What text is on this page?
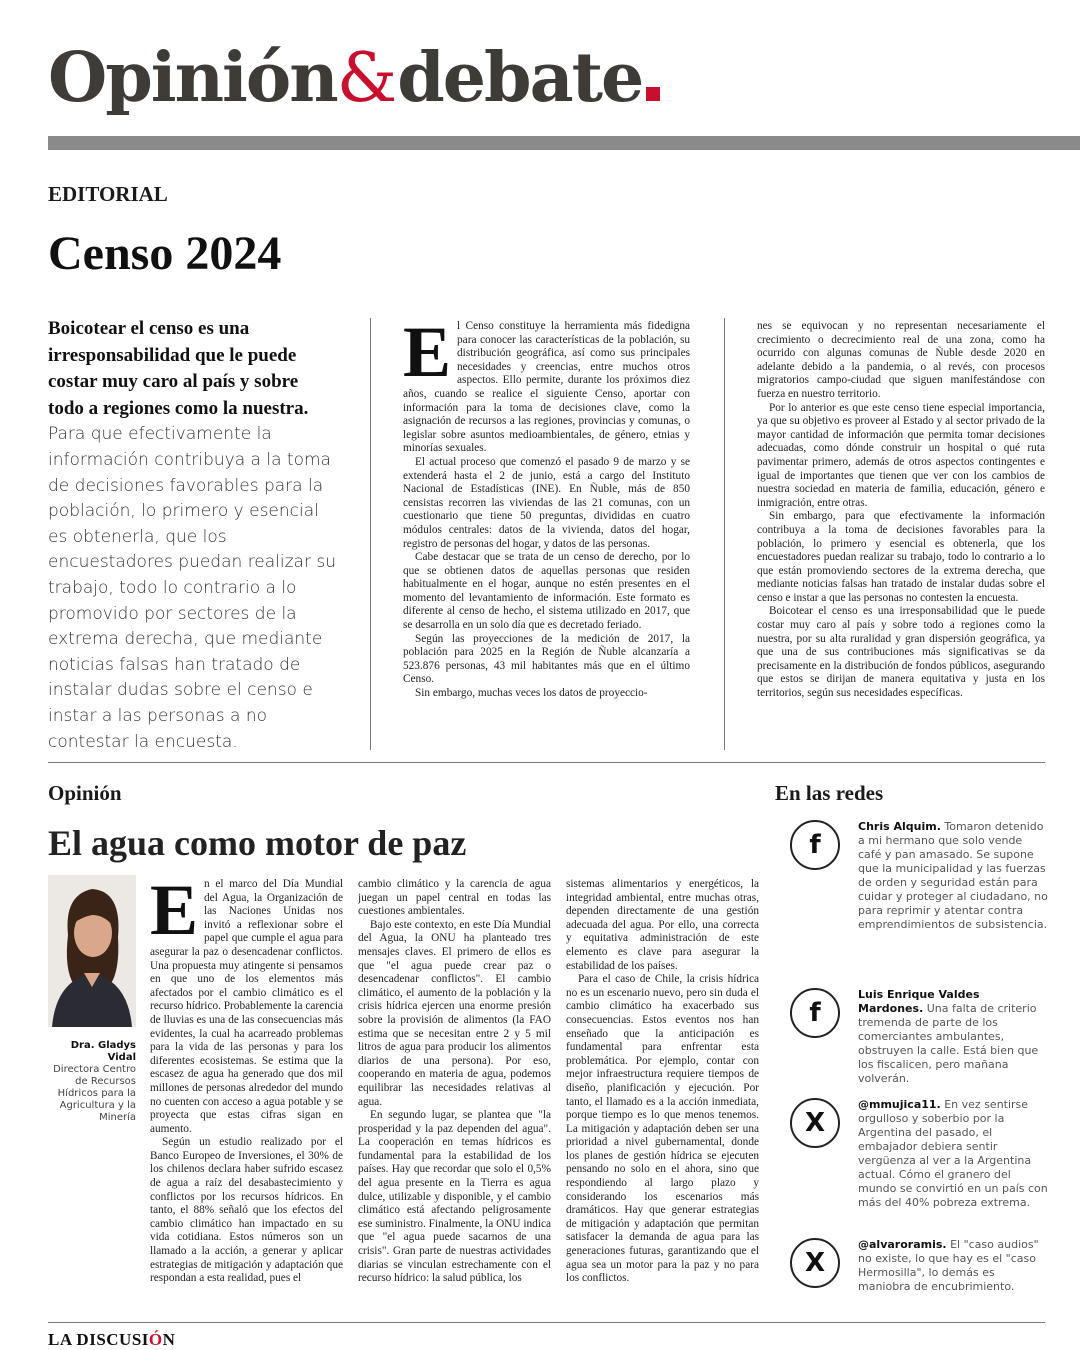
Opinión&debate
EDITORIAL
Censo 2024
Boicotear el censo es una irresponsabilidad que le puede costar muy caro al país y sobre todo a regiones como la nuestra. Para que efectivamente la información contribuya a la toma de decisiones favorables para la población, lo primero y esencial es obtenerla, que los encuestadores puedan realizar su trabajo, todo lo contrario a lo promovido por sectores de la extrema derecha, que mediante noticias falsas han tratado de instalar dudas sobre el censo e instar a las personas a no contestar la encuesta.
E l Censo constituye la herramienta más fidedigna para conocer las características de la población, su distribución geográfica, así como sus principales necesidades y creencias, entre muchos otros aspectos. Ello permite, durante los próximos diez años, cuando se realice el siguiente Censo, aportar con información para la toma de decisiones clave, como la asignación de recursos a las regiones, provincias y comunas, o legislar sobre asuntos medioambientales, de género, etnias y minorías sexuales.

El actual proceso que comenzó el pasado 9 de marzo y se extenderá hasta el 2 de junio, está a cargo del Instituto Nacional de Estadísticas (INE). En Ñuble, más de 850 censistas recorren las viviendas de las 21 comunas, con un cuestionario que tiene 50 preguntas, divididas en cuatro módulos centrales: datos de la vivienda, datos del hogar, registro de personas del hogar, y datos de las personas.

Cabe destacar que se trata de un censo de derecho, por lo que se obtienen datos de aquellas personas que residen habitualmente en el hogar, aunque no estén presentes en el momento del levantamiento de información. Este formato es diferente al censo de hecho, el sistema utilizado en 2017, que se desarrolla en un solo día que es decretado feriado.

Según las proyecciones de la medición de 2017, la población para 2025 en la Región de Ñuble alcanzaría a 523.876 personas, 43 mil habitantes más que en el último Censo.

Sin embargo, muchas veces los datos de proyeccio-

nes se equivocan y no representan necesariamente el crecimiento o decrecimiento real de una zona, como ha ocurrido con algunas comunas de Ñuble desde 2020 en adelante debido a la pandemia, o al revés, con procesos migratorios campo-ciudad que siguen manifestándose con fuerza en nuestro territorio.

Por lo anterior es que este censo tiene especial importancia, ya que su objetivo es proveer al Estado y al sector privado de la mayor cantidad de información que permita tomar decisiones adecuadas, como dónde construir un hospital o qué ruta pavimentar primero, además de otros aspectos contingentes e igual de importantes que tienen que ver con los cambios de nuestra sociedad en materia de familia, educación, género e inmigración, entre otras.

Sin embargo, para que efectivamente la información contribuya a la toma de decisiones favorables para la población, lo primero y esencial es obtenerla, que los encuestadores puedan realizar su trabajo, todo lo contrario a lo que están promoviendo sectores de la extrema derecha, que mediante noticias falsas han tratado de instalar dudas sobre el censo e instar a que las personas no contesten la encuesta.

Boicotear el censo es una irresponsabilidad que le puede costar muy caro al país y sobre todo a regiones como la nuestra, por su alta ruralidad y gran dispersión geográfica, ya que una de sus contribuciones más significativas se da precisamente en la distribución de fondos públicos, asegurando que estos se dirijan de manera equitativa y justa en los territorios, según sus necesidades específicas.

Opinión
El agua como motor de paz
Dra. Gladys Vidal
Directora Centro de Recursos Hídricos para la Agricultura y la Minería
E n el marco del Día Mundial del Agua, la Organización de las Naciones Unidas nos invitó a reflexionar sobre el papel que cumple el agua para asegurar la paz o desencadenar conflictos. Una propuesta muy atingente si pensamos en que uno de los elementos más afectados por el cambio climático es el recurso hídrico. Probablemente la carencia de lluvias es una de las consecuencias más evidentes, la cual ha acarreado problemas para la vida de las personas y para los diferentes ecosistemas. Se estima que la escasez de agua ha generado que dos mil millones de personas alrededor del mundo no cuenten con acceso a agua potable y se proyecta que estas cifras sigan en aumento.

Según un estudio realizado por el Banco Europeo de Inversiones, el 30% de los chilenos declara haber sufrido escasez de agua a raíz del desabastecimiento y conflictos por los recursos hídricos. En tanto, el 88% señaló que los efectos del cambio climático han impactado en su vida cotidiana. Estos números son un llamado a la acción, a generar y aplicar estrategias de mitigación y adaptación que respondan a esta realidad, pues el

cambio climático y la carencia de agua juegan un papel central en todas las cuestiones ambientales.

Bajo este contexto, en este Día Mundial del Agua, la ONU ha planteado tres mensajes claves. El primero de ellos es que "el agua puede crear paz o desencadenar conflictos". El cambio climático, el aumento de la población y la crisis hídrica ejercen una enorme presión sobre la provisión de alimentos (la FAO estima que se necesitan entre 2 y 5 mil litros de agua para producir los alimentos diarios de una persona). Por eso, cooperando en materia de agua, podemos equilibrar las necesidades relativas al agua.

En segundo lugar, se plantea que "la prosperidad y la paz dependen del agua". La cooperación en temas hídricos es fundamental para la estabilidad de los países. Hay que recordar que solo el 0,5% del agua presente en la Tierra es agua dulce, utilizable y disponible, y el cambio climático está afectando peligrosamente ese suministro. Finalmente, la ONU indica que "el agua puede sacarnos de una crisis". Gran parte de nuestras actividades diarias se vinculan estrechamente con el recurso hídrico: la salud pública, los

sistemas alimentarios y energéticos, la integridad ambiental, entre muchas otras, dependen directamente de una gestión adecuada del agua. Por ello, una correcta y equitativa administración de este elemento es clave para asegurar la estabilidad de los países.

Para el caso de Chile, la crisis hídrica no es un escenario nuevo, pero sin duda el cambio climático ha exacerbado sus consecuencias. Estos eventos nos han enseñado que la anticipación es fundamental para enfrentar esta problemática. Por ejemplo, contar con mejor infraestructura requiere tiempos de diseño, planificación y ejecución. Por tanto, el llamado es a la acción inmediata, porque tiempo es lo que menos tenemos. La mitigación y adaptación deben ser una prioridad a nivel gubernamental, donde los planes de gestión hídrica se ejecuten pensando no solo en el ahora, sino que respondiendo al largo plazo y considerando los escenarios más dramáticos. Hay que generar estrategias de mitigación y adaptación que permitan satisfacer la demanda de agua para las generaciones futuras, garantizando que el agua sea un motor para la paz y no para los conflictos.

En las redes
f
Chris Alquim. Tomaron detenido a mi hermano que solo vende café y pan amasado. Se supone que la municipalidad y las fuerzas de orden y seguridad están para cuidar y proteger al ciudadano, no para reprimir y atentar contra emprendimientos de subsistencia.
f
Luis Enrique Valdes Mardones. Una falta de criterio tremenda de parte de los comerciantes ambulantes, obstruyen la calle. Está bien que los fiscalicen, pero mañana volverán.
X
@mmujica11. En vez sentirse orgulloso y soberbio por la Argentina del pasado, el embajador debiera sentir vergüenza al ver a la Argentina actual. Cómo el granero del mundo se convirtió en un país con más del 40% pobreza extrema.
X
@alvaroramis. El "caso audios" no existe, lo que hay es el "caso Hermosilla", lo demás es maniobra de encubrimiento.
LA DISCUSIÓN
